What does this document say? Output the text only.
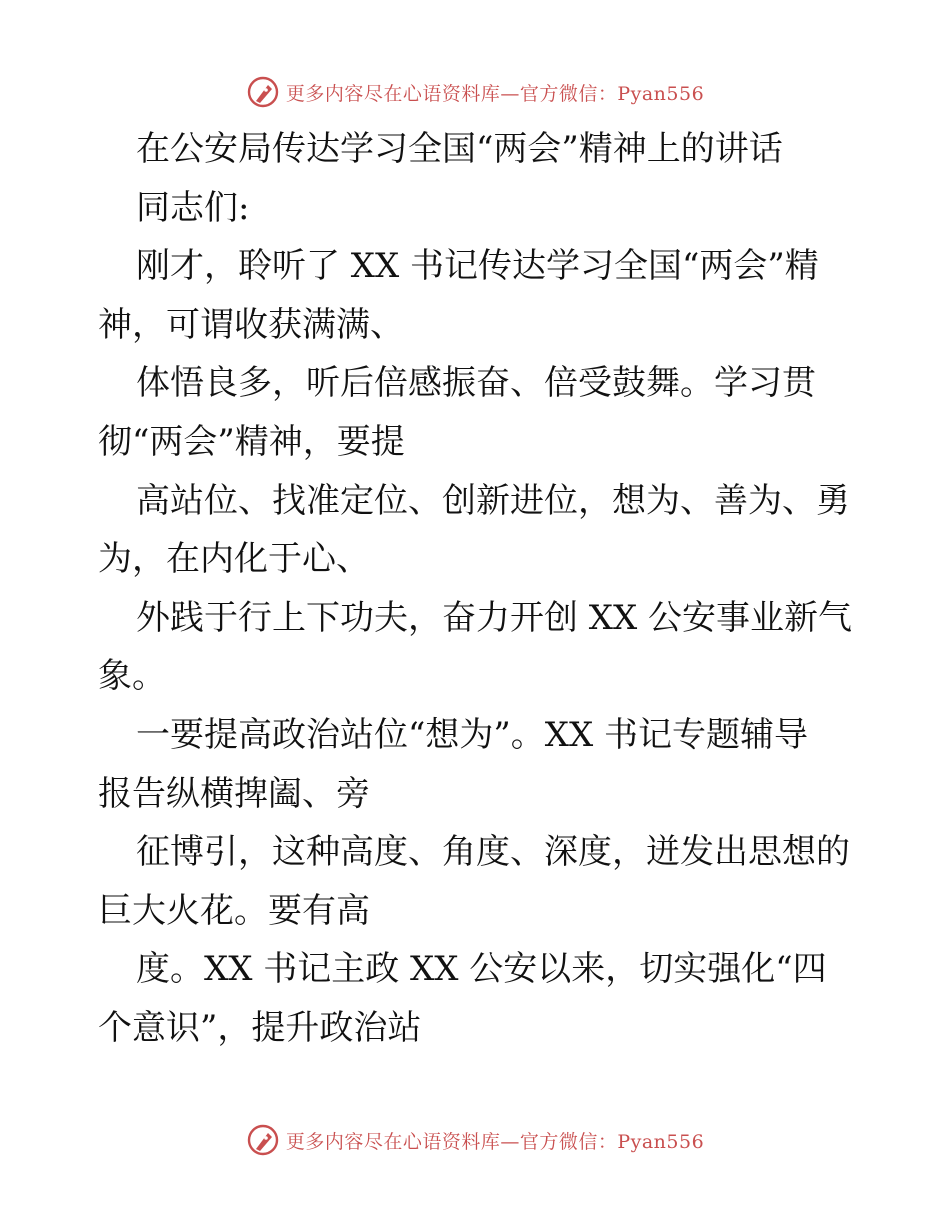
更多内容尽在心语资料库—官方微信：Pyan556
在公安局传达学习全国“两会”精神上的讲话
同志们:
刚才，聆听了 XX 书记传达学习全国“两会”精
神，可谓收获满满、
体悟良多，听后倍感振奋、倍受鼓舞。学习贯
彻“两会”精神，要提
高站位、找准定位、创新进位，想为、善为、勇
为，在内化于心、
外践于行上下功夫，奋力开创 XX 公安事业新气
象。
一要提高政治站位“想为”。XX 书记专题辅导
报告纵横捭阖、旁
征博引，这种高度、角度、深度，迸发出思想的
巨大火花。要有高
度。XX 书记主政 XX 公安以来，切实强化“四
个意识”，提升政治站
更多内容尽在心语资料库—官方微信：Pyan556
